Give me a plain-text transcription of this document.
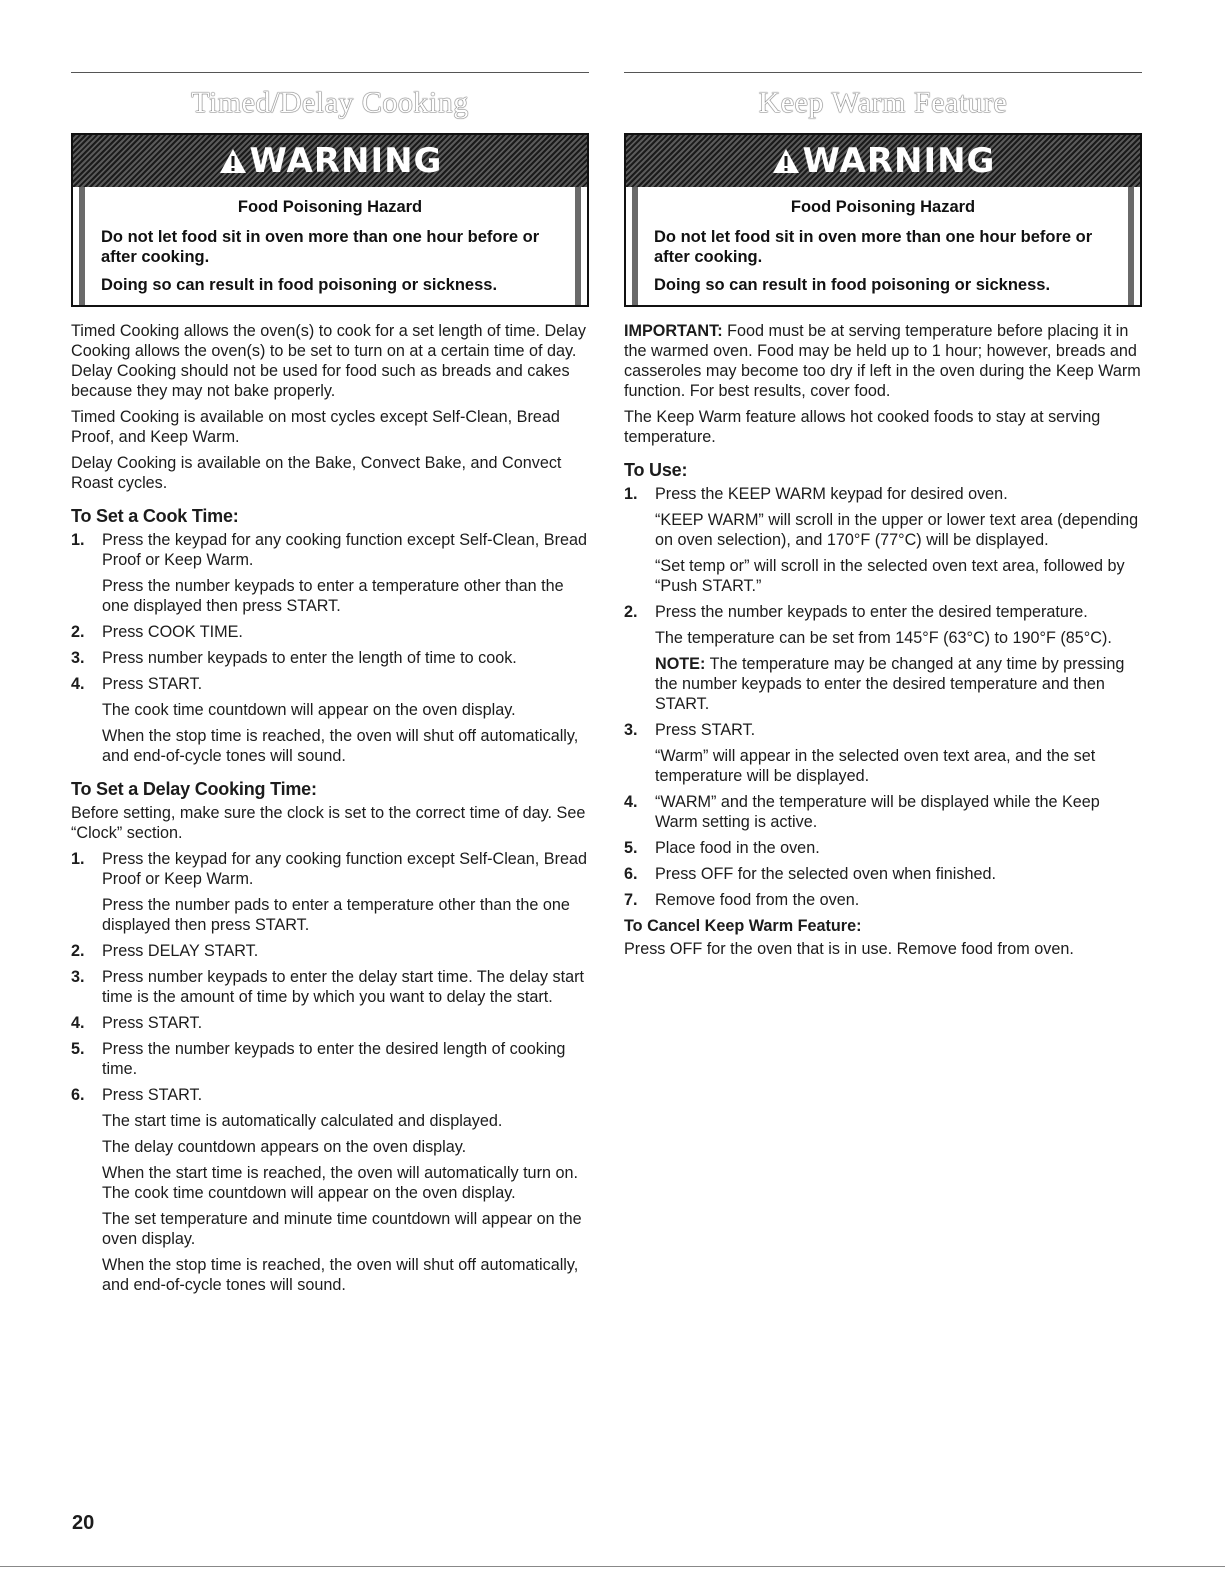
Timed/Delay Cooking
WARNING
Food Poisoning Hazard

Do not let food sit in oven more than one hour before or after cooking.

Doing so can result in food poisoning or sickness.

Timed Cooking allows the oven(s) to cook for a set length of time. Delay Cooking allows the oven(s) to be set to turn on at a certain time of day. Delay Cooking should not be used for food such as breads and cakes because they may not bake properly.

Timed Cooking is available on most cycles except Self-Clean, Bread Proof, and Keep Warm.

Delay Cooking is available on the Bake, Convect Bake, and Convect Roast cycles.

To Set a Cook Time:
1. Press the keypad for any cooking function except Self-Clean, Bread Proof or Keep Warm.

Press the number keypads to enter a temperature other than the one displayed then press START.

2. Press COOK TIME.

3. Press number keypads to enter the length of time to cook.

4. Press START.

The cook time countdown will appear on the oven display.

When the stop time is reached, the oven will shut off automatically, and end-of-cycle tones will sound.

To Set a Delay Cooking Time:

Before setting, make sure the clock is set to the correct time of day. See “Clock” section.

1. Press the keypad for any cooking function except Self-Clean, Bread Proof or Keep Warm.

Press the number pads to enter a temperature other than the one displayed then press START.

2. Press DELAY START.

3. Press number keypads to enter the delay start time. The delay start time is the amount of time by which you want to delay the start.

4. Press START.

5. Press the number keypads to enter the desired length of cooking time.

6. Press START.

The start time is automatically calculated and displayed.

The delay countdown appears on the oven display.

When the start time is reached, the oven will automatically turn on. The cook time countdown will appear on the oven display.

The set temperature and minute time countdown will appear on the oven display.

When the stop time is reached, the oven will shut off automatically, and end-of-cycle tones will sound.

Keep Warm Feature
WARNING
Food Poisoning Hazard

Do not let food sit in oven more than one hour before or after cooking.

Doing so can result in food poisoning or sickness.

IMPORTANT: Food must be at serving temperature before placing it in the warmed oven. Food may be held up to 1 hour; however, breads and casseroles may become too dry if left in the oven during the Keep Warm function. For best results, cover food.

The Keep Warm feature allows hot cooked foods to stay at serving temperature.

To Use:
1. Press the KEEP WARM keypad for desired oven.

“KEEP WARM” will scroll in the upper or lower text area (depending on oven selection), and 170°F (77°C) will be displayed.

“Set temp or” will scroll in the selected oven text area, followed by “Push START.”

2. Press the number keypads to enter the desired temperature.

The temperature can be set from 145°F (63°C) to 190°F (85°C).

NOTE: The temperature may be changed at any time by pressing the number keypads to enter the desired temperature and then START.

3. Press START.

“Warm” will appear in the selected oven text area, and the set temperature will be displayed.

4. “WARM” and the temperature will be displayed while the Keep Warm setting is active.

5. Place food in the oven.

6. Press OFF for the selected oven when finished.

7. Remove food from the oven.

To Cancel Keep Warm Feature:

Press OFF for the oven that is in use. Remove food from oven.

20
